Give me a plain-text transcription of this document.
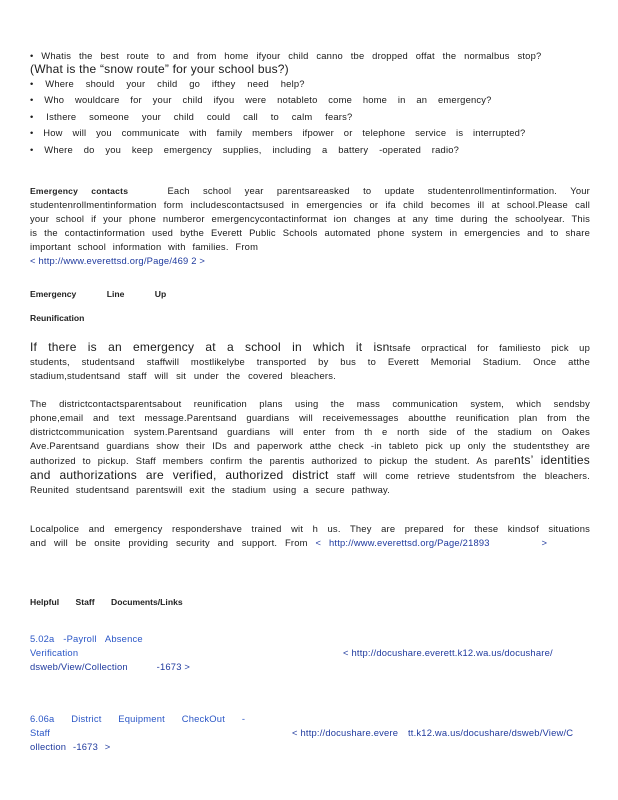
• Whatis the best route to and from home ifyour child canno tbe dropped offat the normalbus stop?

(What is the “snow route” for your school bus?)

• Where should your child go ifthey need help?

• Who wouldcare for your child ifyou were notableto come home in an emergency?

• Isthere someone your child could call to calm fears?

• How will you communicate with family members ifpower or telephone service is interrupted?

• Where do you keep emergency supplies, including a battery -operated radio?

Emergency contacts	Each school year parentsareasked to update studentenrollmentinformation. Your studentenrollmentinformation form includescontactsused in emergencies or ifa child becomes ill at school.Please call your school if your phone numberor emergencycontactinformat ion changes at any time during the schoolyear. This is the contactinformation used bythe Everett Public Schools automated phone system in emergencies and to share important school information with families. From

< http://www.everettsd.org/Page/469 2 >

Emergency Line Up
Reunification

If there is an emergency at a school in which it isntsafe orpractical for familiesto pick up students, studentsand staffwill mostlikelybe transported by bus to Everett Memorial Stadium. Once atthe stadium,studentsand staff will sit under the covered bleachers.

The districtcontactsparentsabout reunification plans using the mass communication system, which sendsby phone,email and text message.Parentsand guardians will receivemessages aboutthe reunification plan from the districtcommunication system.Parentsand guardians will enter from th e north side of the stadium on Oakes Ave.Parentsand guardians show their IDs and paperwork atthe check -in tableto pick up only the studentsthey are authorized to pickup. Staff members confirm the parentis authorized to pickup the student. As parents’ identities and authorizations are verified, authorized district staff will come retrieve studentsfrom the bleachers. Reunited studentsand parentswill exit the stadium using a secure pathway.

Localpolice and emergency respondershave trained wit h us. They are prepared for these kindsof situations and will be onsite providing security and support. From < http://www.everettsd.org/Page/21893	>

Helpful Staff Documents/Links

5.02a -Payroll Absence

Verification	< http://docushare.everett.k12.wa.us/docushare/

dsweb/View/Collection	-1673 >

6.06a District Equipment CheckOut -

Staff	< http://docushare.evere tt.k12.wa.us/docushare/dsweb/View/C

ollection -1673 >
